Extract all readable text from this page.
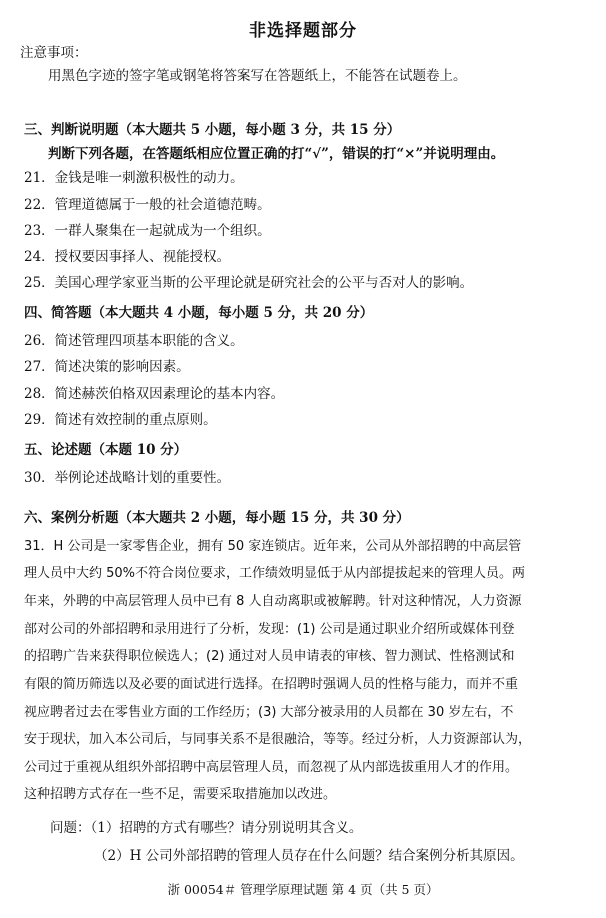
非选择题部分
注意事项：
用黑色字迹的签字笔或钢笔将答案写在答题纸上，不能答在试题卷上。
三、判断说明题（本大题共 5 小题，每小题 3 分，共 15 分）
判断下列各题，在答题纸相应位置正确的打“√”，错误的打“×”并说明理由。
21．金钱是唯一刺激积极性的动力。
22．管理道德属于一般的社会道德范畴。
23．一群人聚集在一起就成为一个组织。
24．授权要因事择人、视能授权。
25．美国心理学家亚当斯的公平理论就是研究社会的公平与否对人的影响。
四、简答题（本大题共 4 小题，每小题 5 分，共 20 分）
26．简述管理四项基本职能的含义。
27．简述决策的影响因素。
28．简述赫茨伯格双因素理论的基本内容。
29．简述有效控制的重点原则。
五、论述题（本题 10 分）
30．举例论述战略计划的重要性。
六、案例分析题（本大题共 2 小题，每小题 15 分，共 30 分）
31．H 公司是一家零售企业，拥有 50 家连锁店。近年来，公司从外部招聘的中高层管
理人员中大约 50%不符合岗位要求，工作绩效明显低于从内部提拔起来的管理人员。两
年来，外聘的中高层管理人员中已有 8 人自动离职或被解聘。针对这种情况，人力资源
部对公司的外部招聘和录用进行了分析，发现：(1) 公司是通过职业介绍所或媒体刊登
的招聘广告来获得职位候选人；(2) 通过对人员申请表的审核、智力测试、性格测试和
有限的简历筛选以及必要的面试进行选择。在招聘时强调人员的性格与能力，而并不重
视应聘者过去在零售业方面的工作经历；(3) 大部分被录用的人员都在 30 岁左右，不
安于现状，加入本公司后，与同事关系不是很融洽，等等。经过分析，人力资源部认为，
公司过于重视从组织外部招聘中高层管理人员，而忽视了从内部选拔重用人才的作用。
这种招聘方式存在一些不足，需要采取措施加以改进。
问题：（1）招聘的方式有哪些？请分别说明其含义。
（2）H 公司外部招聘的管理人员存在什么问题？结合案例分析其原因。
浙 00054＃ 管理学原理试题 第 4 页（共 5 页）
